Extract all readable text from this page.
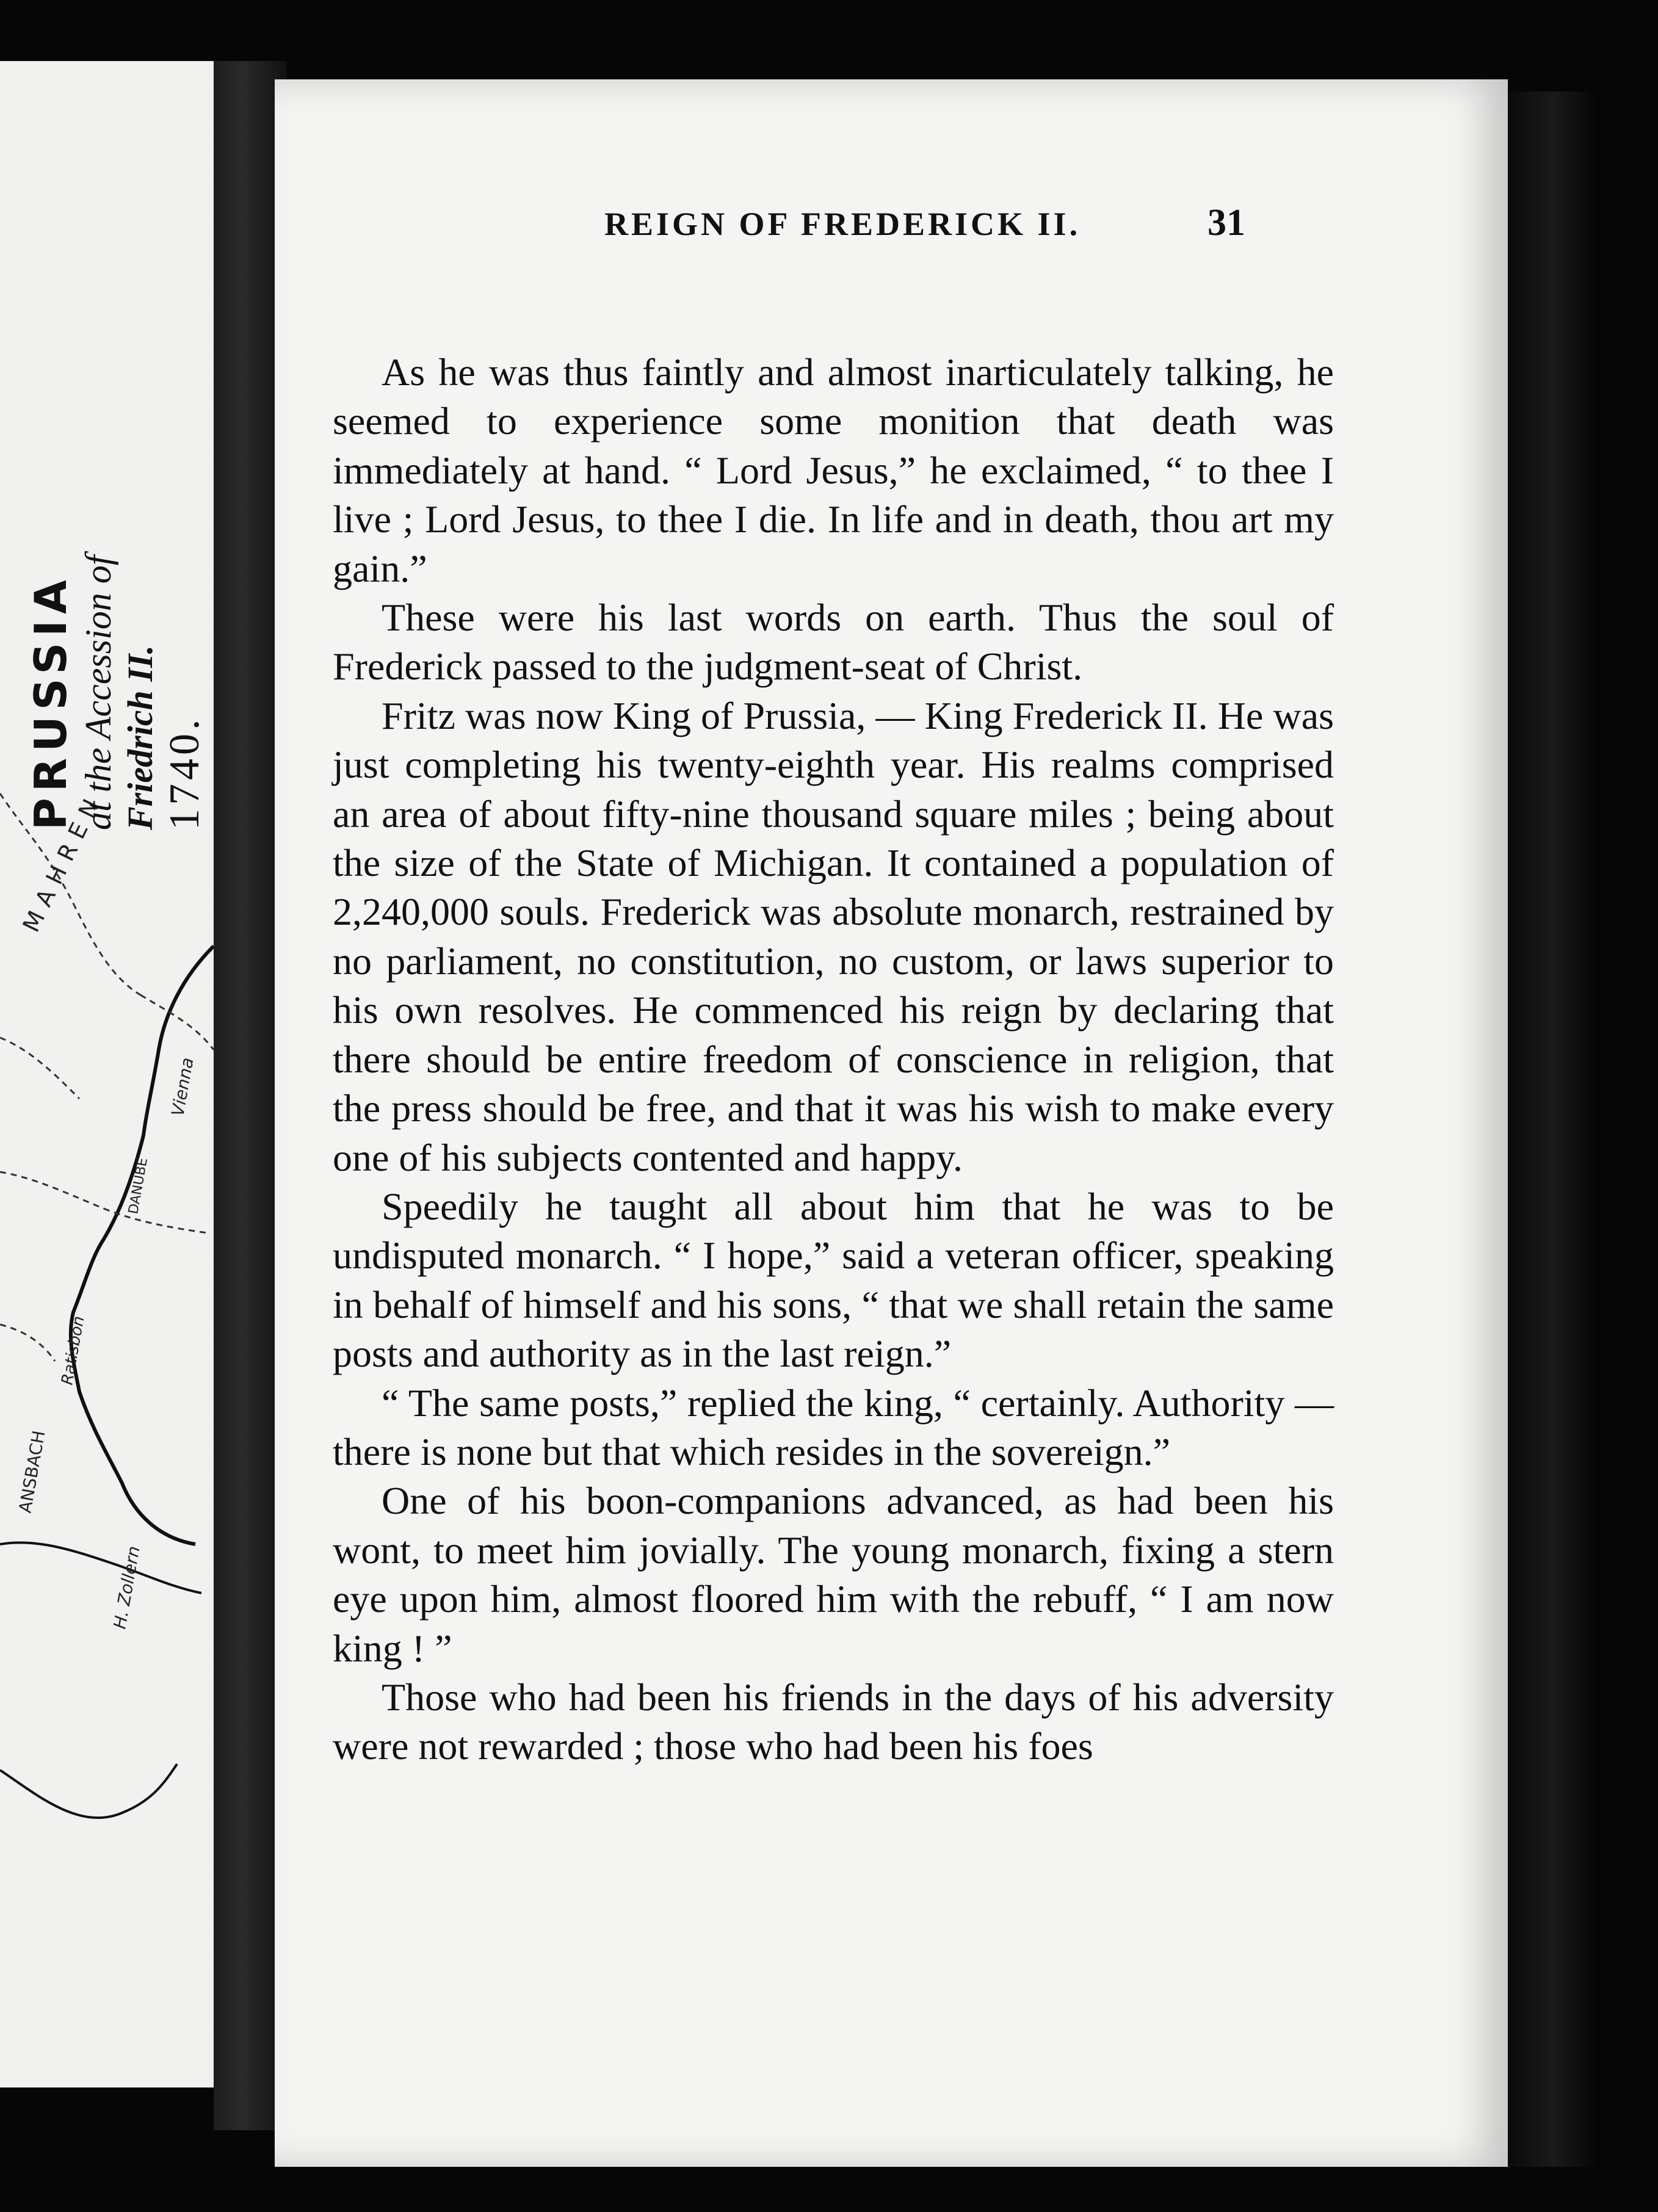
MAHREN
DANUBE
Vienna
Ratisbon
ANSBACH
H. Zollern
PRUSSIA at the Accession of Friedrich II. 1740.
REIGN OF FREDERICK II.	31

As he was thus faintly and almost inarticulately talking, he seemed to experience some monition that death was immediately at hand. “ Lord Jesus,” he exclaimed, “ to thee I live ; Lord Jesus, to thee I die. In life and in death, thou art my gain.”

These were his last words on earth. Thus the soul of Frederick passed to the judgment-seat of Christ.

Fritz was now King of Prussia, — King Frederick II. He was just completing his twenty-eighth year. His realms comprised an area of about fifty-nine thousand square miles ; being about the size of the State of Michigan. It contained a population of 2,240,000 souls. Frederick was absolute monarch, restrained by no parliament, no constitution, no custom, or laws superior to his own resolves. He commenced his reign by declaring that there should be entire freedom of conscience in religion, that the press should be free, and that it was his wish to make every one of his subjects contented and happy.

Speedily he taught all about him that he was to be undisputed monarch. “ I hope,” said a veteran officer, speaking in behalf of himself and his sons, “ that we shall retain the same posts and authority as in the last reign.”

“ The same posts,” replied the king, “ certainly. Authority — there is none but that which resides in the sovereign.”

One of his boon-companions advanced, as had been his wont, to meet him jovially. The young monarch, fixing a stern eye upon him, almost floored him with the rebuff, “ I am now king ! ”

Those who had been his friends in the days of his adversity were not rewarded ; those who had been his foes
